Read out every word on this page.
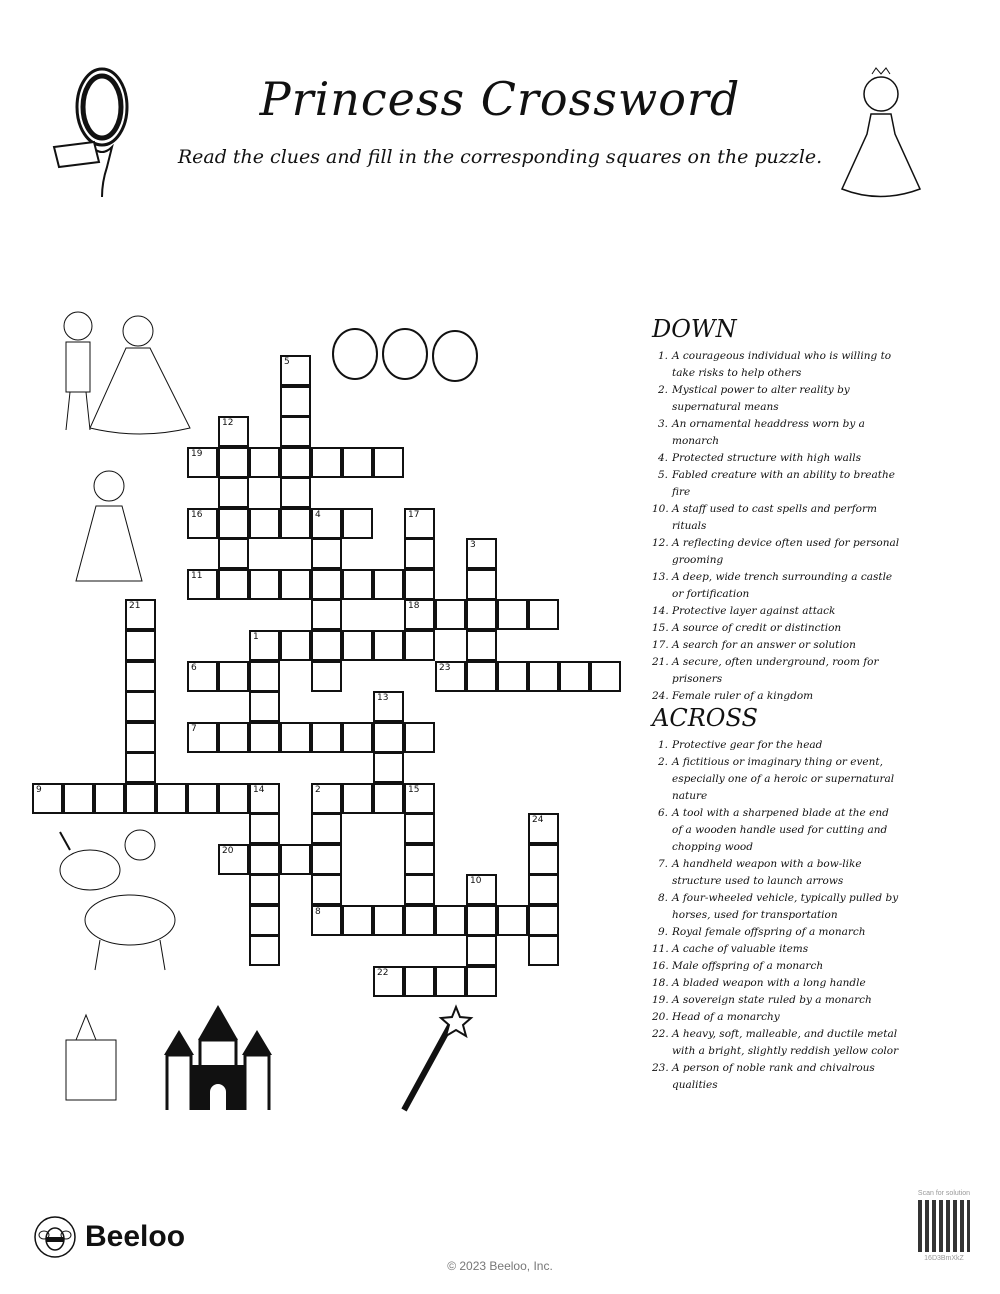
Princess Crossword
Read the clues and fill in the corresponding squares on the puzzle.
19
12
5
16	4	17
18
11
3
21
1
6	23
13
7
9	14	2
8
15
24
20
10
22
DOWN
1. A courageous individual who is willing to take risks to help others
2. Mystical power to alter reality by supernatural means
3. An ornamental headdress worn by a monarch
4. Protected structure with high walls
5. Fabled creature with an ability to breathe fire
10. A staff used to cast spells and perform rituals
12. A reflecting device often used for personal grooming
13. A deep, wide trench surrounding a castle or fortification
14. Protective layer against attack
15. A source of credit or distinction
17. A search for an answer or solution
21. A secure, often underground, room for prisoners
24. Female ruler of a kingdom
ACROSS
1. Protective gear for the head
2. A fictitious or imaginary thing or event, especially one of a heroic or supernatural nature
6. A tool with a sharpened blade at the end of a wooden handle used for cutting and chopping wood
7. A handheld weapon with a bow-like structure used to launch arrows
8. A four-wheeled vehicle, typically pulled by horses, used for transportation
9. Royal female offspring of a monarch
11. A cache of valuable items
16. Male offspring of a monarch
18. A bladed weapon with a long handle
19. A sovereign state ruled by a monarch
20. Head of a monarchy
22. A heavy, soft, malleable, and ductile metal with a bright, slightly reddish yellow color
23. A person of noble rank and chivalrous qualities
Beeloo
© 2023 Beeloo, Inc.
Scan for solution
16D3BmXkZ
